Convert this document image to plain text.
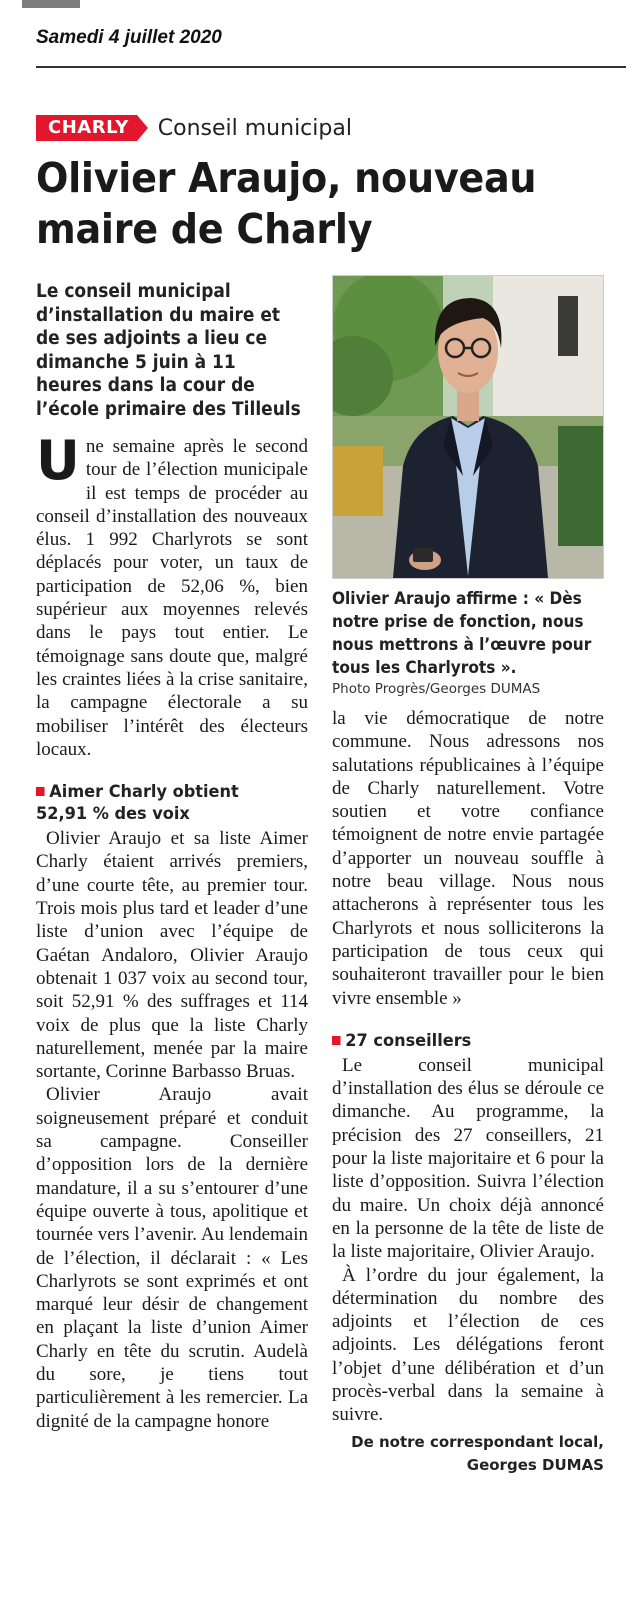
Samedi 4 juillet 2020
CHARLY	Conseil municipal
Olivier Araujo, nouveau maire de Charly

Le conseil municipal d’installation du maire et de ses adjoints a lieu ce dimanche 5 juin à 11 heures dans la cour de l’école primaire des Tilleuls

Une semaine après le second tour de l’élection municipale il est temps de procéder au conseil d’installation des nouveaux élus. 1 992 Charlyrots se sont déplacés pour voter, un taux de participation de 52,06 %, bien supérieur aux moyennes relevés dans le pays tout entier. Le témoignage sans doute que, malgré les craintes liées à la crise sanitaire, la campagne électorale a su mobiliser l’intérêt des électeurs locaux.

Aimer Charly obtient 52,91 % des voix

Olivier Araujo et sa liste Aimer Charly étaient arrivés premiers, d’une courte tête, au premier tour. Trois mois plus tard et leader d’une liste d’union avec l’équipe de Gaétan Andaloro, Olivier Araujo obtenait 1 037 voix au second tour, soit 52,91 % des suffrages et 114 voix de plus que la liste Charly naturellement, menée par la maire sortante, Corinne Barbasso Bruas.

Olivier Araujo avait soigneusement préparé et conduit sa campagne. Conseiller d’opposition lors de la dernière mandature, il a su s’entourer d’une équipe ouverte à tous, apolitique et tournée vers l’avenir. Au lendemain de l’élection, il déclarait : « Les Charlyrots se sont exprimés et ont marqué leur désir de changement en plaçant la liste d’union Aimer Charly en tête du scrutin. Audelà du sore, je tiens tout particulièrement à les remercier. La dignité de la campagne honore

Olivier Araujo affirme : « Dès notre prise de fonction, nous nous mettrons à l’œuvre pour tous les Charlyrots ».

Photo Progrès/Georges DUMAS

la vie démocratique de notre commune. Nous adressons nos salutations républicaines à l’équipe de Charly naturellement. Votre soutien et votre confiance témoignent de notre envie partagée d’apporter un nouveau souffle à notre beau village. Nous nous attacherons à représenter tous les Charlyrots et nous solliciterons la participation de tous ceux qui souhaiteront travailler pour le bien vivre ensemble »

27 conseillers

Le conseil municipal d’installation des élus se déroule ce dimanche. Au programme, la précision des 27 conseillers, 21 pour la liste majoritaire et 6 pour la liste d’opposition. Suivra l’élection du maire. Un choix déjà annoncé en la personne de la tête de liste de la liste majoritaire, Olivier Araujo.

À l’ordre du jour également, la détermination du nombre des adjoints et l’élection de ces adjoints. Les délégations feront l’objet d’une délibération et d’un procès-verbal dans la semaine à suivre.

De notre correspondant local,
Georges DUMAS
